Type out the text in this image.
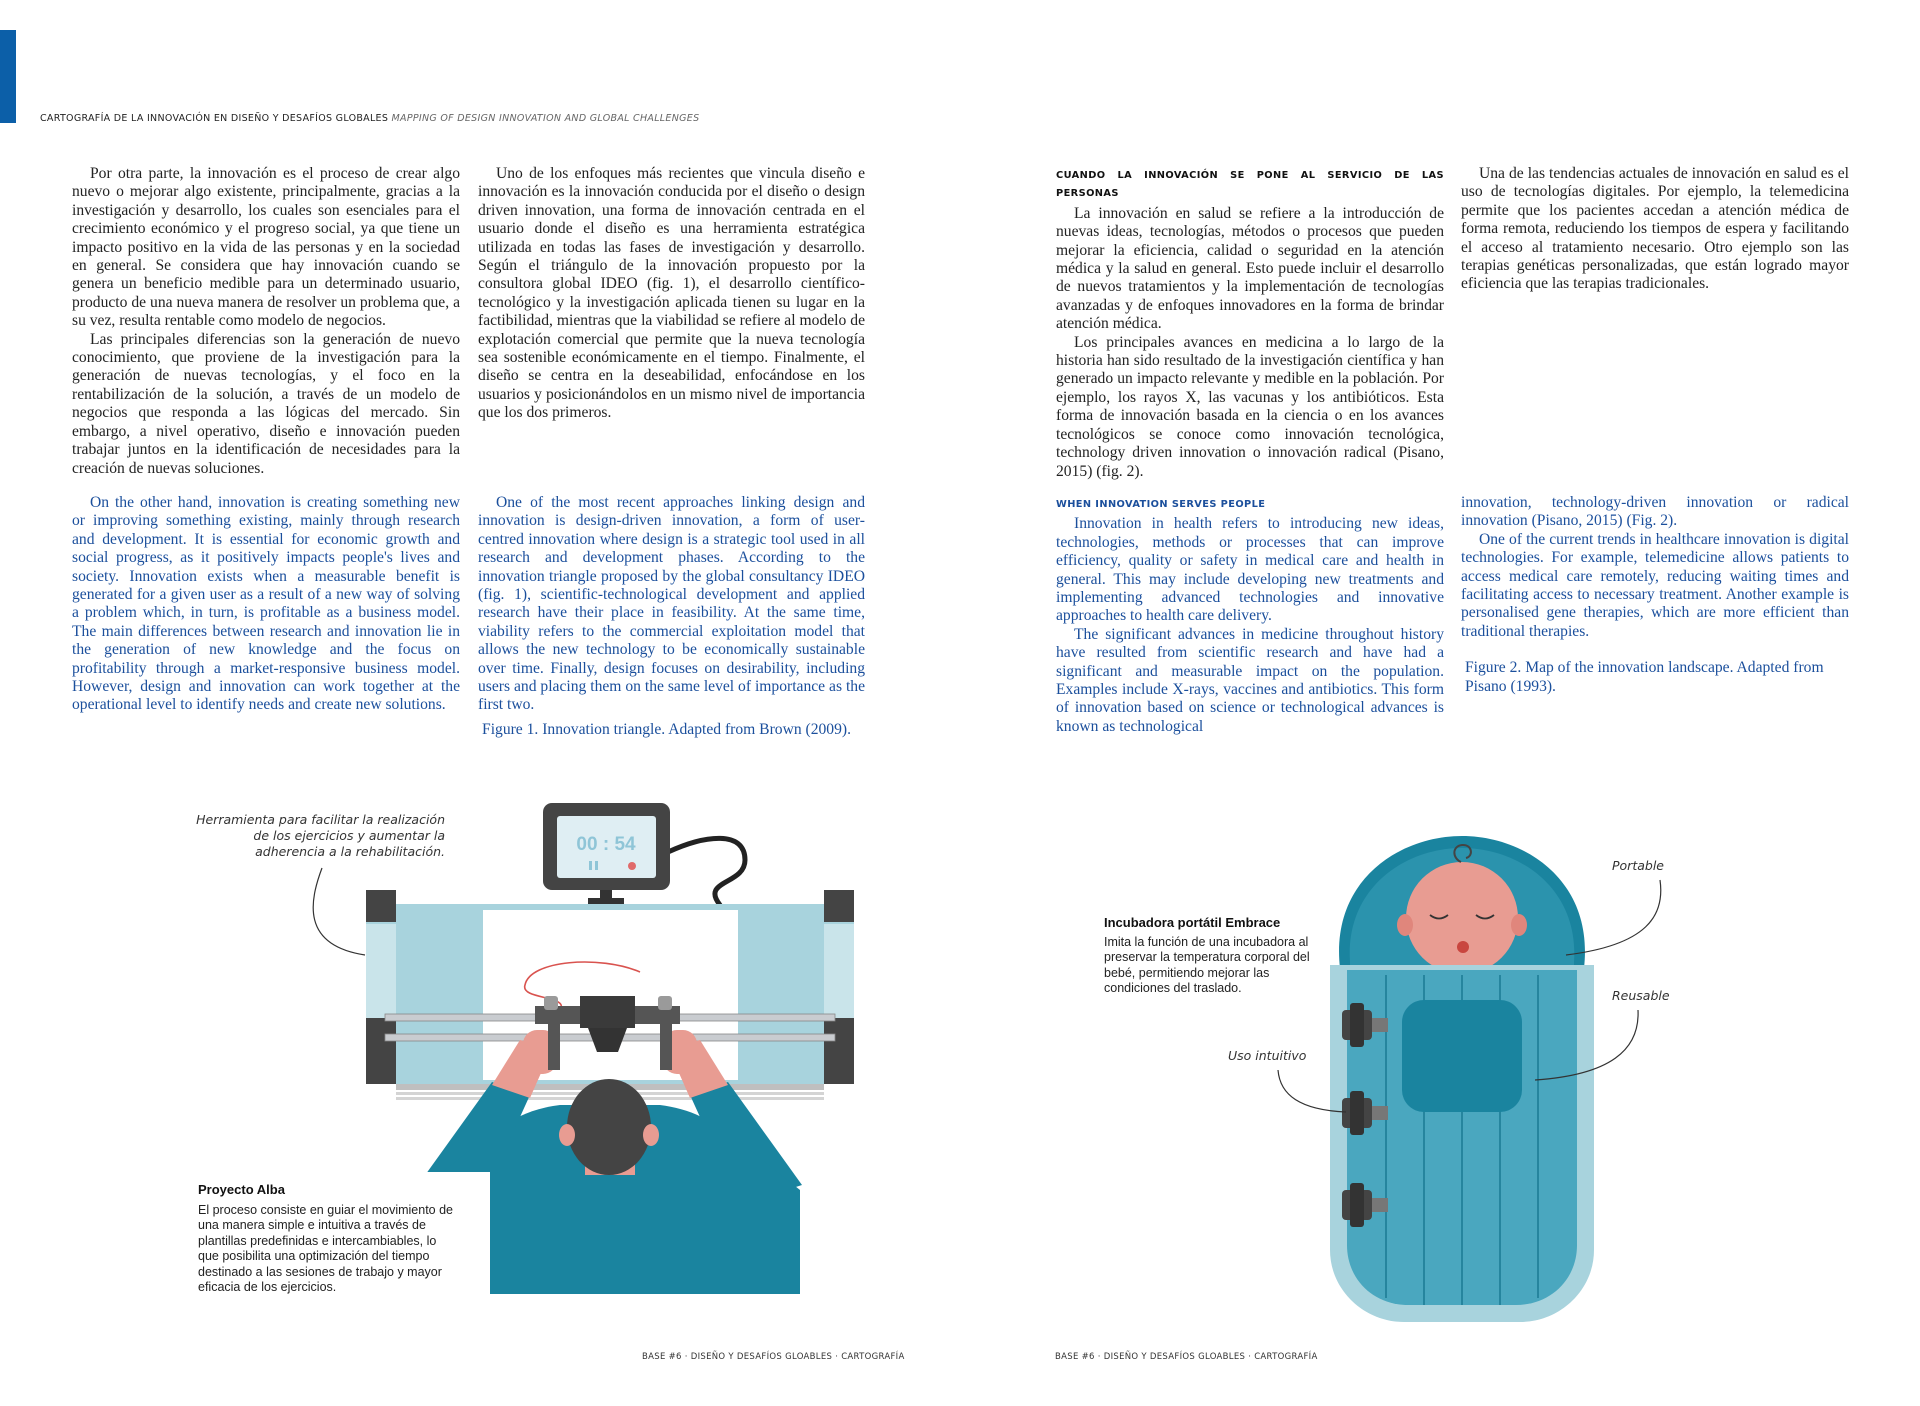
CARTOGRAFÍA DE LA INNOVACIÓN EN DISEÑO Y DESAFÍOS GLOBALES MAPPING OF DESIGN INNOVATION AND GLOBAL CHALLENGES

Por otra parte, la innovación es el proceso de crear algo nuevo o mejorar algo existente, principalmente, gracias a la investigación y desarrollo, los cuales son esenciales para el crecimiento económico y el progreso social, ya que tiene un impacto positivo en la vida de las personas y en la sociedad en general. Se considera que hay innovación cuando se genera un beneficio medible para un determinado usuario, producto de una nueva manera de resolver un problema que, a su vez, resulta rentable como modelo de negocios.

Las principales diferencias son la generación de nuevo conocimiento, que proviene de la investigación para la generación de nuevas tecnologías, y el foco en la rentabilización de la solución, a través de un modelo de negocios que responda a las lógicas del mercado. Sin embargo, a nivel operativo, diseño e innovación pueden trabajar juntos en la identificación de necesidades para la creación de nuevas soluciones.

Uno de los enfoques más recientes que vincula diseño e innovación es la innovación conducida por el diseño o design driven innovation, una forma de innovación centrada en el usuario donde el diseño es una herramienta estratégica utilizada en todas las fases de investigación y desarrollo. Según el triángulo de la innovación propuesto por la consultora global IDEO (fig. 1), el desarrollo científico-tecnológico y la investigación aplicada tienen su lugar en la factibilidad, mientras que la viabilidad se refiere al modelo de explotación comercial que permite que la nueva tecnología sea sostenible económicamente en el tiempo. Finalmente, el diseño se centra en la deseabilidad, enfocándose en los usuarios y posicionándolos en un mismo nivel de importancia que los dos primeros.

On the other hand, innovation is creating something new or improving something existing, mainly through research and development. It is essential for economic growth and social progress, as it positively impacts people's lives and society. Innovation exists when a measurable benefit is generated for a given user as a result of a new way of solving a problem which, in turn, is profitable as a business model. The main differences between research and innovation lie in the generation of new knowledge and the focus on profitability through a market-responsive business model. However, design and innovation can work together at the operational level to identify needs and create new solutions.

One of the most recent approaches linking design and innovation is design-driven innovation, a form of user-centred innovation where design is a strategic tool used in all research and development phases. According to the innovation triangle proposed by the global consultancy IDEO (fig. 1), scientific-technological development and applied research have their place in feasibility. At the same time, viability refers to the commercial exploitation model that allows the new technology to be economically sustainable over time. Finally, design focuses on desirability, including users and placing them on the same level of importance as the first two.

Figure 1. Innovation triangle. Adapted from Brown (2009).

CUANDO LA INNOVACIÓN SE PONE AL SERVICIO DE LAS PERSONAS

La innovación en salud se refiere a la introducción de nuevas ideas, tecnologías, métodos o procesos que pueden mejorar la eficiencia, calidad o seguridad en la atención médica y la salud en general. Esto puede incluir el desarrollo de nuevos tratamientos y la implementación de tecnologías avanzadas y de enfoques innovadores en la forma de brindar atención médica.

Los principales avances en medicina a lo largo de la historia han sido resultado de la investigación científica y han generado un impacto relevante y medible en la población. Por ejemplo, los rayos X, las vacunas y los antibióticos. Esta forma de innovación basada en la ciencia o en los avances tecnológicos se conoce como innovación tecnológica, technology driven innovation o innovación radical (Pisano, 2015) (fig. 2).

Una de las tendencias actuales de innovación en salud es el uso de tecnologías digitales. Por ejemplo, la telemedicina permite que los pacientes accedan a atención médica de forma remota, reduciendo los tiempos de espera y facilitando el acceso al tratamiento necesario. Otro ejemplo son las terapias genéticas personalizadas, que están logrado mayor eficiencia que las terapias tradicionales.

WHEN INNOVATION SERVES PEOPLE

Innovation in health refers to introducing new ideas, technologies, methods or processes that can improve efficiency, quality or safety in medical care and health in general. This may include developing new treatments and implementing advanced technologies and innovative approaches to health care delivery.

The significant advances in medicine throughout history have resulted from scientific research and have had a significant and measurable impact on the population. Examples include X-rays, vaccines and antibiotics. This form of innovation based on science or technological advances is known as technological

innovation, technology-driven innovation or radical innovation (Pisano, 2015) (Fig. 2).

One of the current trends in healthcare innovation is digital technologies. For example, telemedicine allows patients to access medical care remotely, reducing waiting times and facilitating access to necessary treatment. Another example is personalised gene therapies, which are more efficient than traditional therapies.

Figure 2. Map of the innovation landscape. Adapted from Pisano (1993).

00 : 54
Herramienta para facilitar la realización de los ejercicios y aumentar la adherencia a la rehabilitación.
Proyecto Alba
El proceso consiste en guiar el movimiento de una manera simple e intuitiva a través de plantillas predefinidas e intercambiables, lo que posibilita una optimización del tiempo destinado a las sesiones de trabajo y mayor eficacia de los ejercicios.
Incubadora portátil Embrace
Imita la función de una incubadora al preservar la temperatura corporal del bebé, permitiendo mejorar las condiciones del traslado.
Portable
Reusable
Uso intuitivo
BASE #6 · DISEÑO Y DESAFÍOS GLOABLES · CARTOGRAFÍA	BASE #6 · DISEÑO Y DESAFÍOS GLOABLES · CARTOGRAFÍA
